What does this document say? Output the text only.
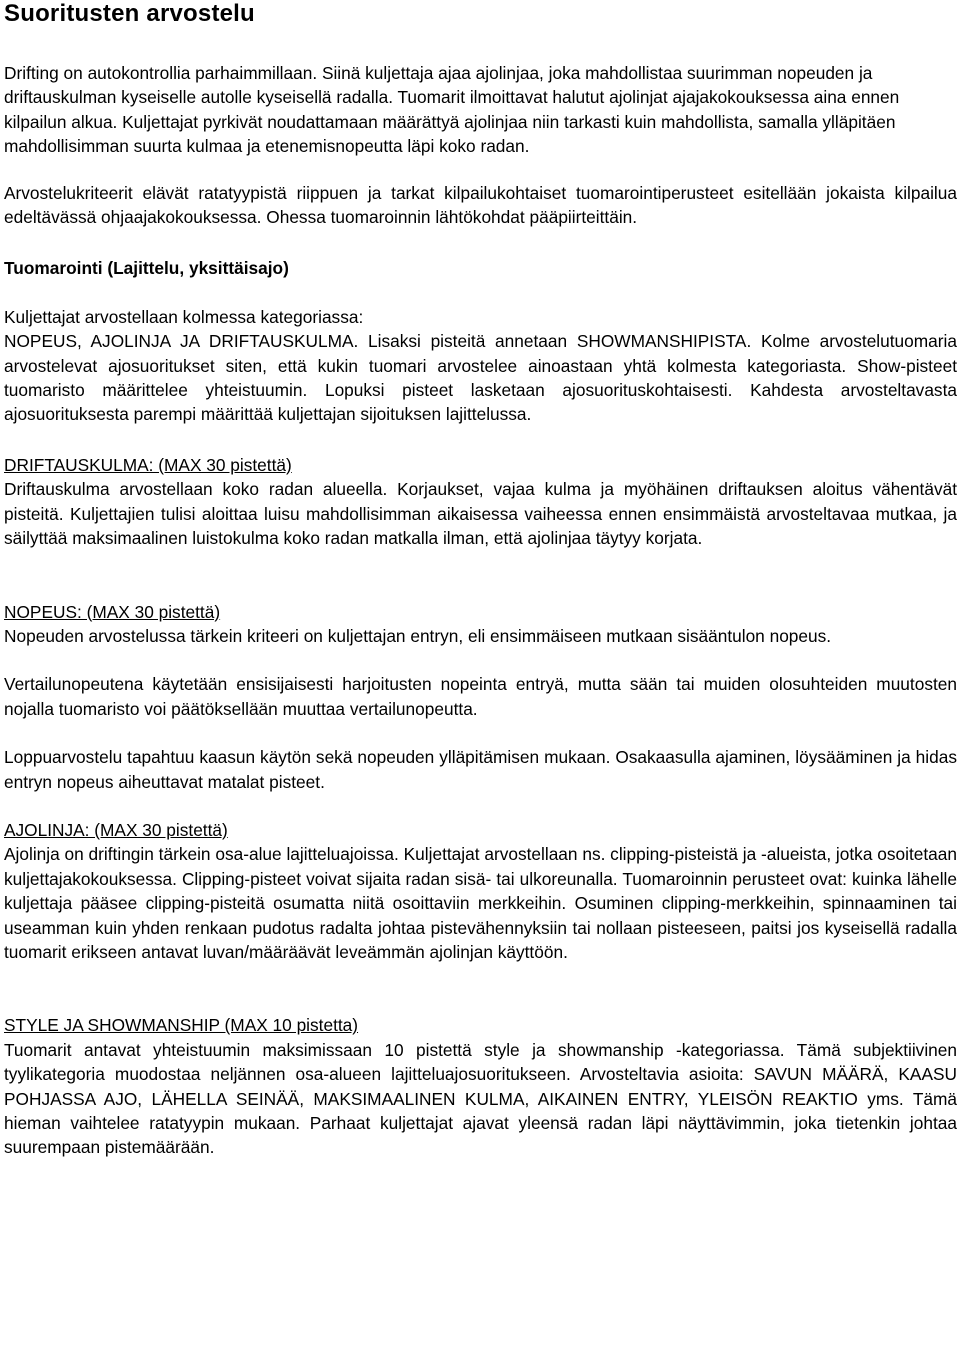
Suoritusten arvostelu

Drifting on autokontrollia parhaimmillaan. Siinä kuljettaja ajaa ajolinjaa, joka mahdollistaa suurimman nopeuden ja driftauskulman kyseiselle autolle kyseisellä radalla. Tuomarit ilmoittavat halutut ajolinjat ajajakokouksessa aina ennen kilpailun alkua. Kuljettajat pyrkivät noudattamaan määrättyä ajolinjaa niin tarkasti kuin mahdollista, samalla ylläpitäen mahdollisimman suurta kulmaa ja etenemisnopeutta läpi koko radan.

Arvostelukriteerit elävät ratatyypistä riippuen ja tarkat kilpailukohtaiset tuomarointiperusteet esitellään jokaista kilpailua edeltävässä ohjaajakokouksessa. Ohessa tuomaroinnin lähtökohdat pääpiirteittäin.

Tuomarointi (Lajittelu, yksittäisajo)

Kuljettajat arvostellaan kolmessa kategoriassa:

NOPEUS, AJOLINJA JA DRIFTAUSKULMA. Lisaksi pisteitä annetaan SHOWMANSHIPISTA. Kolme arvostelutuomaria arvostelevat ajosuoritukset siten, että kukin tuomari arvostelee ainoastaan yhtä kolmesta kategoriasta. Show-pisteet tuomaristo määrittelee yhteistuumin. Lopuksi pisteet lasketaan ajosuorituskohtaisesti. Kahdesta arvosteltavasta ajosuorituksesta parempi määrittää kuljettajan sijoituksen lajittelussa.

DRIFTAUSKULMA: (MAX 30 pistettä)

Driftauskulma arvostellaan koko radan alueella. Korjaukset, vajaa kulma ja myöhäinen driftauksen aloitus vähentävät pisteitä. Kuljettajien tulisi aloittaa luisu mahdollisimman aikaisessa vaiheessa ennen ensimmäistä arvosteltavaa mutkaa, ja säilyttää maksimaalinen luistokulma koko radan matkalla ilman, että ajolinjaa täytyy korjata.

NOPEUS: (MAX 30 pistettä)

Nopeuden arvostelussa tärkein kriteeri on kuljettajan entryn, eli ensimmäiseen mutkaan sisääntulon nopeus.

Vertailunopeutena käytetään ensisijaisesti harjoitusten nopeinta entryä, mutta sään tai muiden olosuhteiden muutosten nojalla tuomaristo voi päätöksellään muuttaa vertailunopeutta.

Loppuarvostelu tapahtuu kaasun käytön sekä nopeuden ylläpitämisen mukaan. Osakaasulla ajaminen, löysääminen ja hidas entryn nopeus aiheuttavat matalat pisteet.

AJOLINJA: (MAX 30 pistettä)

Ajolinja on driftingin tärkein osa-alue lajitteluajoissa. Kuljettajat arvostellaan ns. clipping-pisteistä ja -alueista, jotka osoitetaan kuljettajakokouksessa. Clipping-pisteet voivat sijaita radan sisä- tai ulkoreunalla. Tuomaroinnin perusteet ovat: kuinka lähelle kuljettaja pääsee clipping-pisteitä osumatta niitä osoittaviin merkkeihin. Osuminen clipping-merkkeihin, spinnaaminen tai useamman kuin yhden renkaan pudotus radalta johtaa pistevähennyksiin tai nollaan pisteeseen, paitsi jos kyseisellä radalla tuomarit erikseen antavat luvan/määräävät leveämmän ajolinjan käyttöön.

STYLE JA SHOWMANSHIP (MAX 10 pistetta)

Tuomarit antavat yhteistuumin maksimissaan 10 pistettä style ja showmanship -kategoriassa. Tämä subjektiivinen tyylikategoria muodostaa neljännen osa-alueen lajitteluajosuoritukseen. Arvosteltavia asioita: SAVUN MÄÄRÄ, KAASU POHJASSA AJO, LÄHELLA SEINÄÄ, MAKSIMAALINEN KULMA, AIKAINEN ENTRY, YLEISÖN REAKTIO yms. Tämä hieman vaihtelee ratatyypin mukaan. Parhaat kuljettajat ajavat yleensä radan läpi näyttävimmin, joka tietenkin johtaa suurempaan pistemäärään.
